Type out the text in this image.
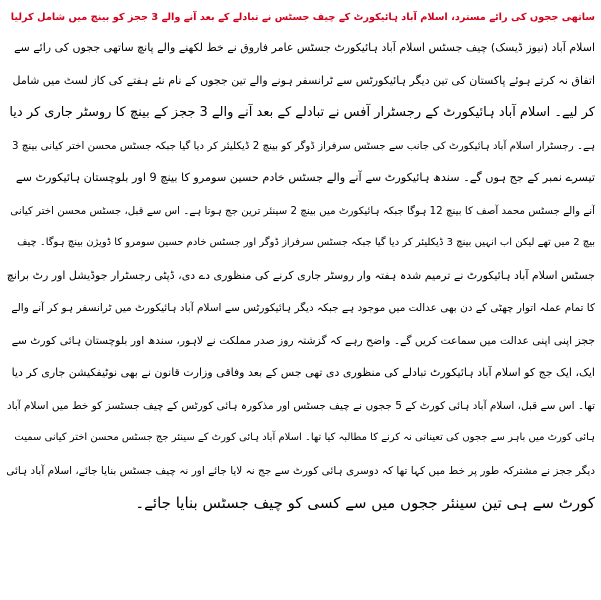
ساتھی ججوں کی رائے مسترد، اسلام آباد ہائیکورٹ کے چیف جسٹس نے تبادلے کے بعد آنے والے 3 ججز کو بینچ میں شامل کرلیا
اسلام آباد (نیوز ڈیسک) چیف جسٹس اسلام آباد ہائیکورٹ جسٹس عامر فاروق نے خط لکھنے والے پانچ ساتھی ججوں کی رائے سے
اتفاق نہ کرتے ہوئے پاکستان کی تین دیگر ہائیکورٹس سے ٹرانسفر ہونے والے تین ججوں کے نام نئے ہفتے کی کاز لسٹ میں شامل
کر لیے۔ اسلام آباد ہائیکورٹ کے رجسٹرار آفس نے تبادلے کے بعد آنے والے 3 ججز کے بینچ کا روسٹر جاری کر دیا
ہے۔ رجسٹرار اسلام آباد ہائیکورٹ کی جانب سے جسٹس سرفراز ڈوگر کو بینچ 2 ڈیکلیئر کر دیا گیا جبکہ جسٹس محسن اختر کیانی بینچ 3
تیسرے نمبر کے جج ہوں گے۔ سندھ ہائیکورٹ سے آنے والے جسٹس خادم حسین سومرو کا بینچ 9 اور بلوچستان ہائیکورٹ سے
آنے والے جسٹس محمد آصف کا بینچ 12 ہوگا جبکہ ہائیکورٹ میں بینچ 2 سینئر ترین جج ہوتا ہے۔ اس سے قبل، جسٹس محسن اختر کیانی
بیچ 2 میں تھے لیکن اب انہیں بینچ 3 ڈیکلیئر کر دیا گیا جبکہ جسٹس سرفراز ڈوگر اور جسٹس خادم حسین سومرو کا ڈویژن بینچ ہوگا۔ چیف
جسٹس اسلام آباد ہائیکورٹ نے ترمیم شدہ ہفتہ وار روسٹر جاری کرنے کی منظوری دے دی، ڈپٹی رجسٹرار جوڈیشل اور رٹ برانچ
کا تمام عملہ اتوار چھٹی کے دن بھی عدالت میں موجود ہے جبکہ دیگر ہائیکورٹس سے اسلام آباد ہائیکورٹ میں ٹرانسفر ہو کر آنے والے
ججز اپنی اپنی عدالت میں سماعت کریں گے۔ واضح رہے کہ گزشتہ روز صدر مملکت نے لاہور، سندھ اور بلوچستان ہائی کورٹ سے
ایک، ایک جج کو اسلام آباد ہائیکورٹ تبادلے کی منظوری دی تھی جس کے بعد وفاقی وزارت قانون نے بھی نوٹیفکیشن جاری کر دیا
تھا۔ اس سے قبل، اسلام آباد ہائی کورٹ کے 5 ججوں نے چیف جسٹس اور مذکورہ ہائی کورٹس کے چیف جسٹسز کو خط میں اسلام آباد
ہائی کورٹ میں باہر سے ججوں کی تعیناتی نہ کرنے کا مطالبہ کیا تھا۔ اسلام آباد ہائی کورٹ کے سینئر جج جسٹس محسن اختر کیانی سمیت
دیگر ججز نے مشترکہ طور پر خط میں کہا تھا کہ دوسری ہائی کورٹ سے جج نہ لایا جائے اور نہ چیف جسٹس بنایا جائے، اسلام آباد ہائی
کورٹ سے ہی تین سینئر ججوں میں سے کسی کو چیف جسٹس بنایا جائے۔
